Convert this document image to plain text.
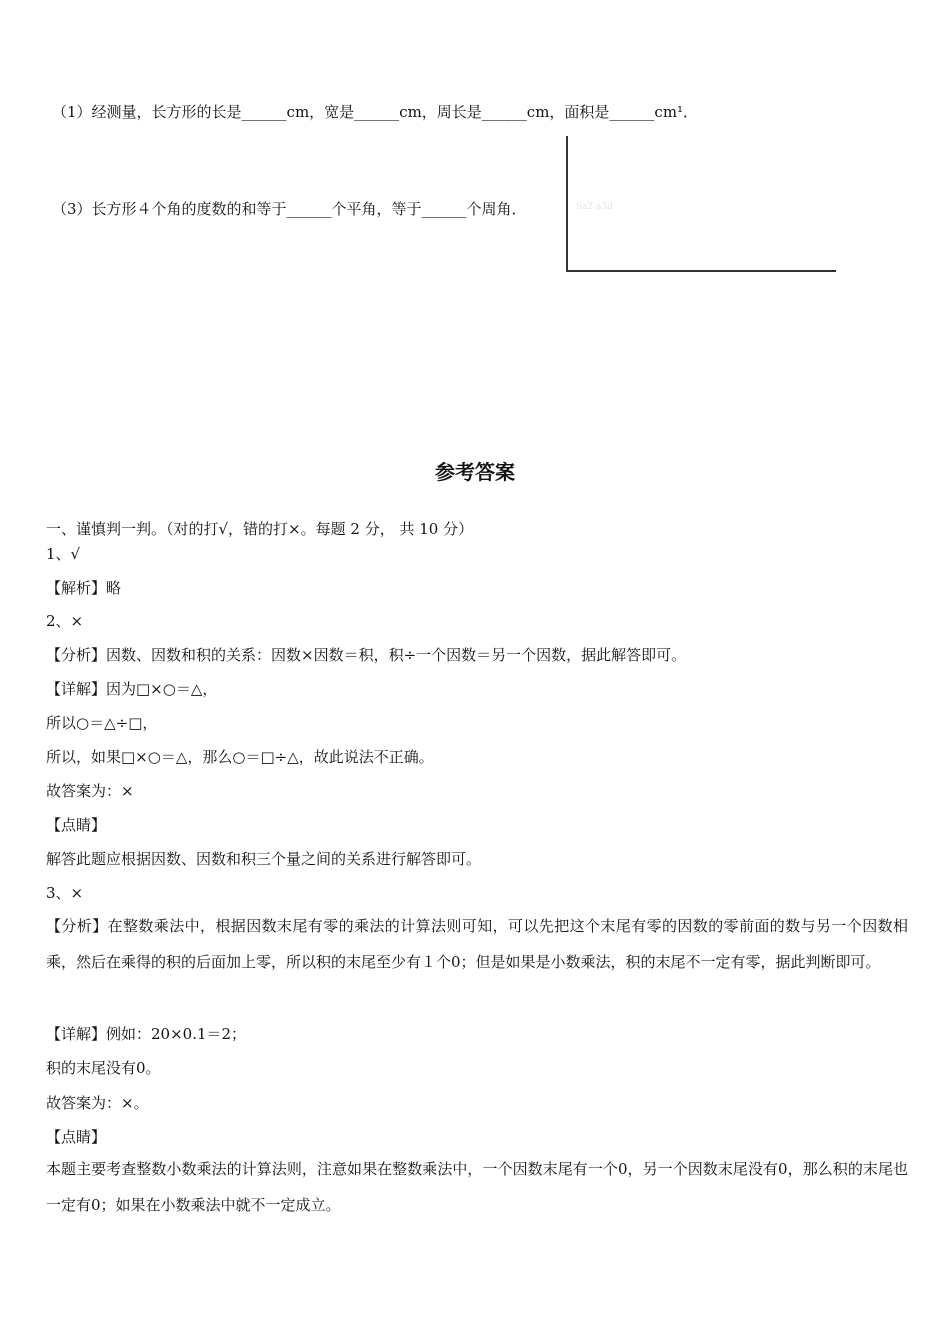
（1）经测量，长方形的长是______cm，宽是______cm，周长是______cm，面积是______cm¹．
（3）长方形４个角的度数的和等于______个平角，等于______个周角．	Sa2 a3d
参考答案
一、谨慎判一判。（对的打√，错的打×。每题 2 分， 共 10 分）
1、√
【解析】略
2、×
【分析】因数、因数和积的关系：因数×因数＝积，积÷一个因数＝另一个因数，据此解答即可。
【详解】因为□×○＝△，
所以○＝△÷□，
所以，如果□×○＝△，那么○＝□÷△，故此说法不正确。
故答案为：×
【点睛】
解答此题应根据因数、因数和积三个量之间的关系进行解答即可。
3、×
【分析】在整数乘法中，根据因数末尾有零的乘法的计算法则可知，可以先把这个末尾有零的因数的零前面的数与另一个因数相乘，然后在乘得的积的后面加上零，所以积的末尾至少有１个0；但是如果是小数乘法，积的末尾不一定有零，据此判断即可。
【详解】例如：20×0.1＝2；
积的末尾没有0。
故答案为：×。
【点睛】
本题主要考查整数小数乘法的计算法则，注意如果在整数乘法中，一个因数末尾有一个0，另一个因数末尾没有0，那么积的末尾也一定有0；如果在小数乘法中就不一定成立。
